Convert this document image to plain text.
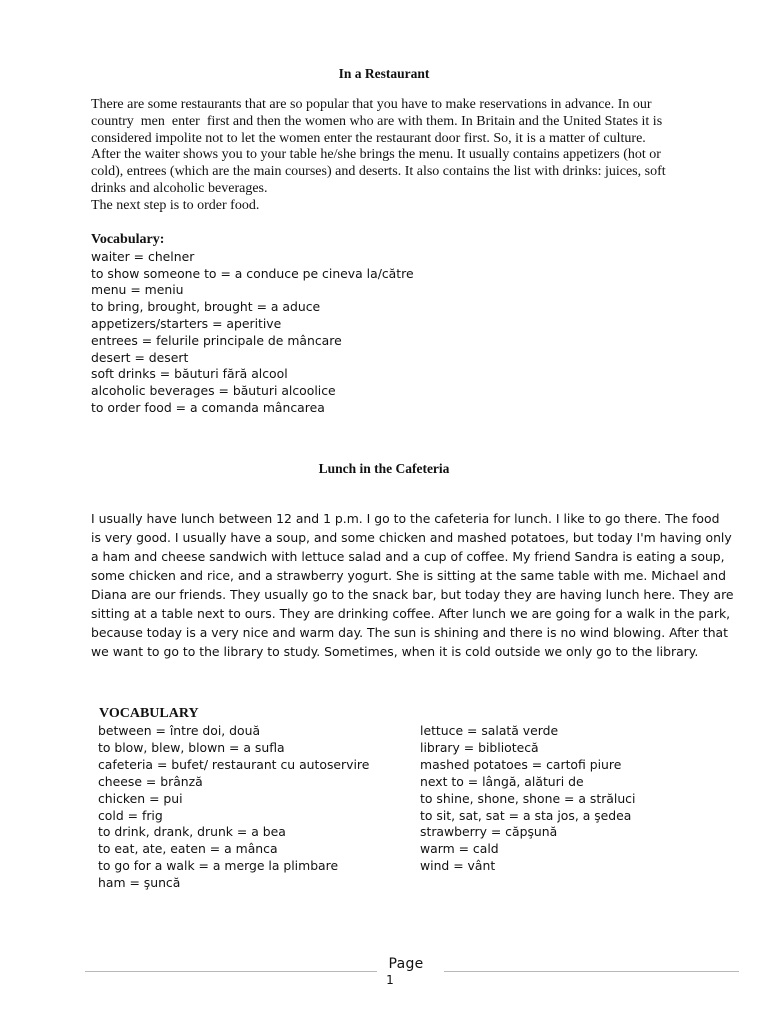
In a Restaurant
There are some restaurants that are so popular that you have to make reservations in advance. In our
country  men  enter  first and then the women who are with them. In Britain and the United States it is
considered impolite not to let the women enter the restaurant door first. So, it is a matter of culture.
After the waiter shows you to your table he/she brings the menu. It usually contains appetizers (hot or
cold), entrees (which are the main courses) and deserts. It also contains the list with drinks: juices, soft
drinks and alcoholic beverages.
The next step is to order food.
Vocabulary:
waiter = chelner
to show someone to = a conduce pe cineva la/către
menu = meniu
to bring, brought, brought = a aduce
appetizers/starters = aperitive
entrees = felurile principale de mâncare
desert = desert
soft drinks = băuturi fără alcool
alcoholic beverages = băuturi alcoolice
to order food = a comanda mâncarea
Lunch in the Cafeteria
I usually have lunch between 12 and 1 p.m. I go to the cafeteria for lunch. I like to go there. The food
is very good. I usually have a soup, and some chicken and mashed potatoes, but today I'm having only
a ham and cheese sandwich with lettuce salad and a cup of coffee. My friend Sandra is eating a soup,
some chicken and rice, and a strawberry yogurt. She is sitting at the same table with me. Michael and
Diana are our friends. They usually go to the snack bar, but today they are having lunch here. They are
sitting at a table next to ours. They are drinking coffee. After lunch we are going for a walk in the park,
because today is a very nice and warm day. The sun is shining and there is no wind blowing. After that
we want to go to the library to study. Sometimes, when it is cold outside we only go to the library.
VOCABULARY
between = între doi, două
to blow, blew, blown = a sufla
cafeteria = bufet/ restaurant cu autoservire
cheese = brânză
chicken = pui
cold = frig
to drink, drank, drunk = a bea
to eat, ate, eaten = a mânca
to go for a walk = a merge la plimbare
ham = şuncă
lettuce = salată verde
library = bibliotecă
mashed potatoes = cartofi piure
next to = lângă, alături de
to shine, shone, shone = a străluci
to sit, sat, sat = a sta jos, a şedea
strawberry = căpşună
warm = cald
wind = vânt

Page

1
